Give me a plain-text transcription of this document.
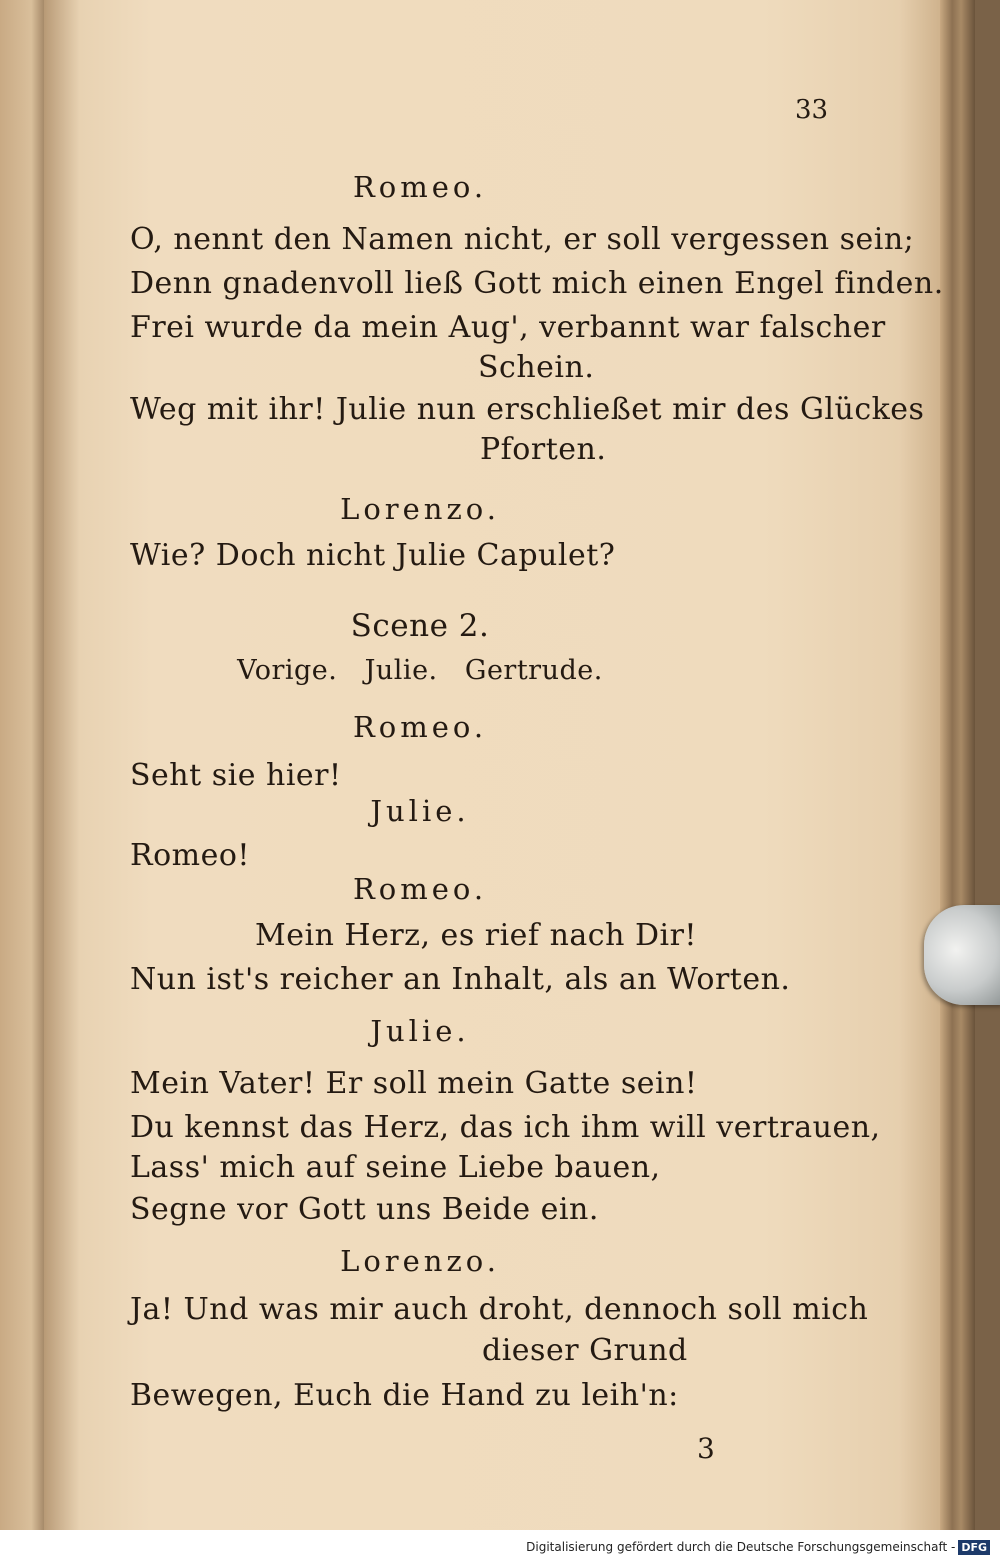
33
Romeo.
O, nennt den Namen nicht, er soll vergessen sein;
Denn gnadenvoll ließ Gott mich einen Engel finden.
Frei wurde da mein Aug', verbannt war falscher
Schein.
Weg mit ihr! Julie nun erschließet mir des Glückes
Pforten.
Lorenzo.
Wie? Doch nicht Julie Capulet?
Scene 2.
Vorige.   Julie.   Gertrude.
Romeo.
Seht sie hier!
Julie.
Romeo!
Romeo.
Mein Herz, es rief nach Dir!
Nun ist's reicher an Inhalt, als an Worten.
Julie.
Mein Vater! Er soll mein Gatte sein!
Du kennst das Herz, das ich ihm will vertrauen,
Lass' mich auf seine Liebe bauen,
Segne vor Gott uns Beide ein.
Lorenzo.
Ja! Und was mir auch droht, dennoch soll mich
dieser Grund
Bewegen, Euch die Hand zu leih'n:
3
Digitalisierung gefördert durch die Deutsche Forschungsgemeinschaft - DFG
